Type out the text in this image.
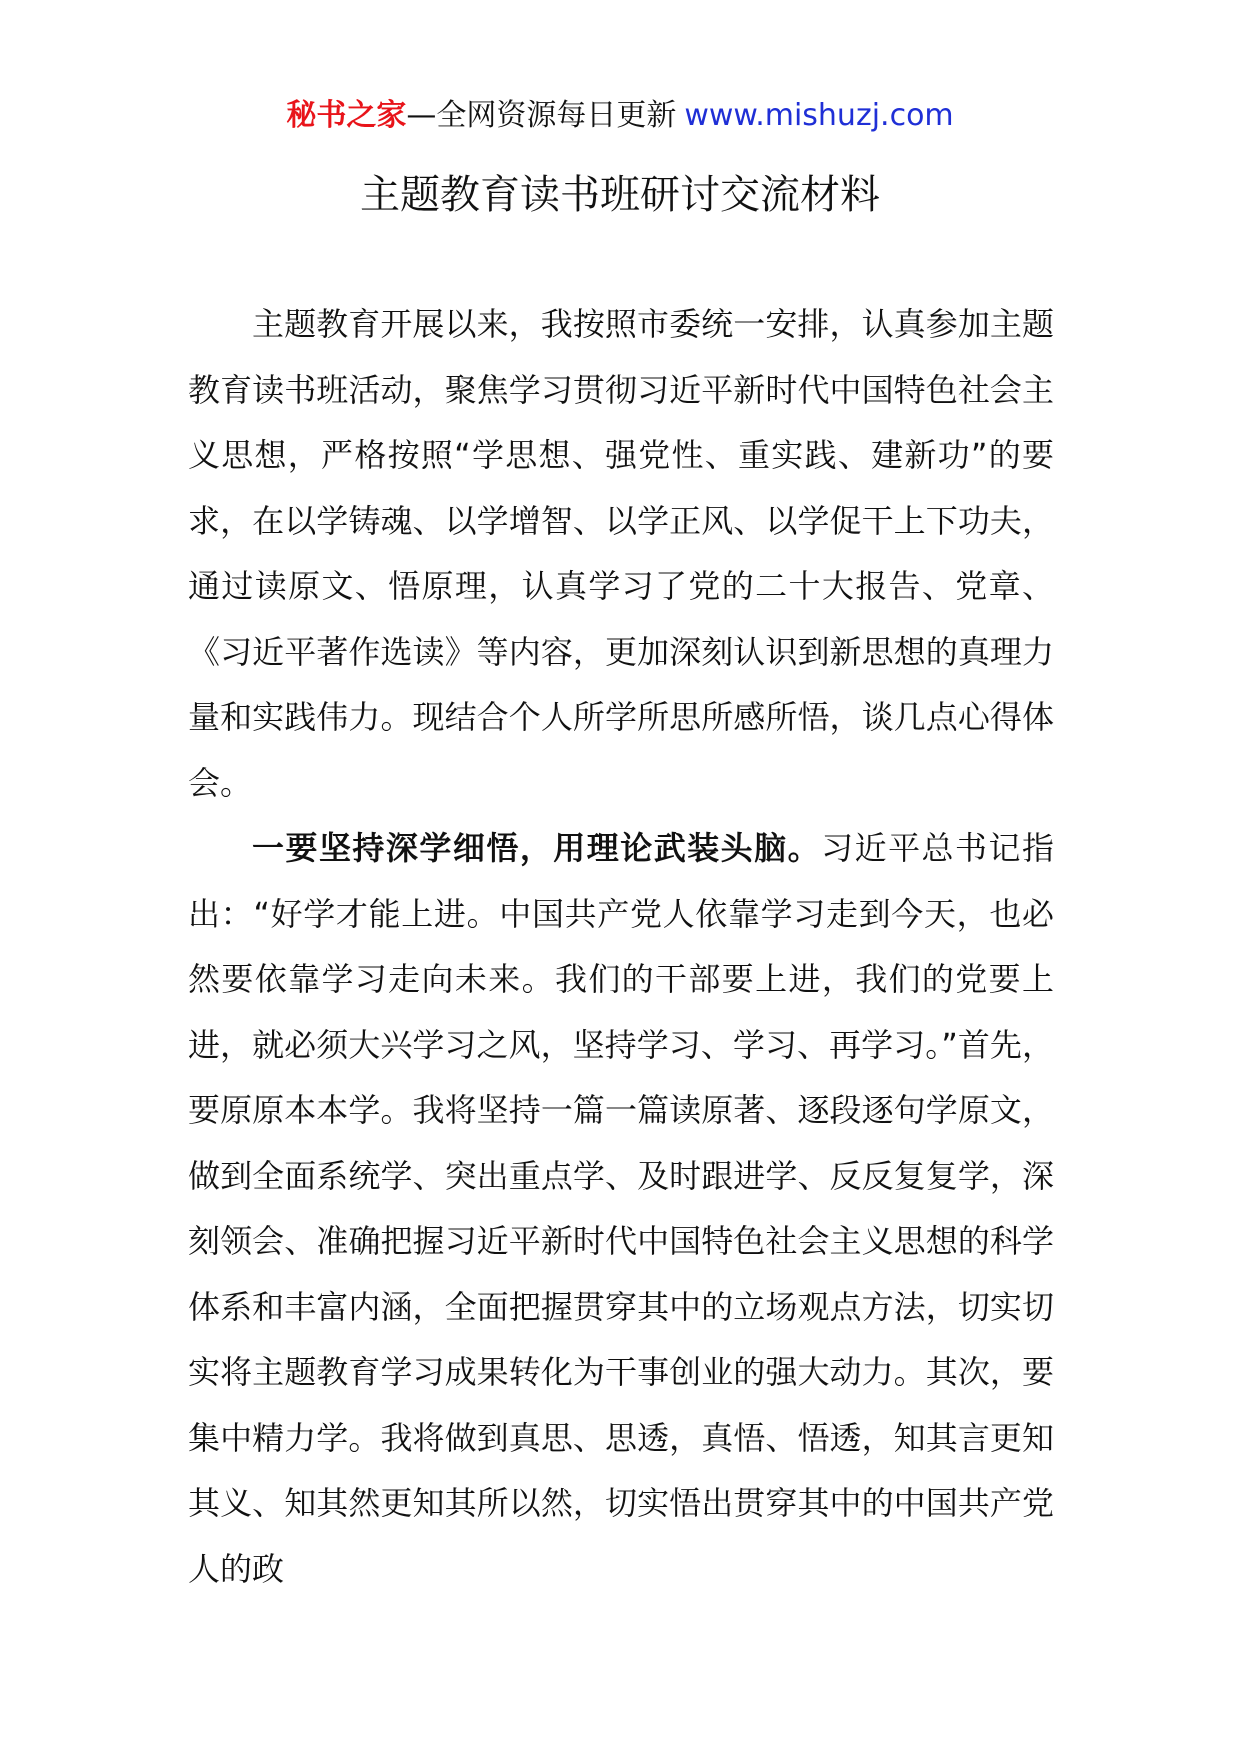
秘书之家—全网资源每日更新 www.mishuzj.com
主题教育读书班研讨交流材料

主题教育开展以来，我按照市委统一安排，认真参加主题教育读书班活动，聚焦学习贯彻习近平新时代中国特色社会主义思想，严格按照“学思想、强党性、重实践、建新功”的要求，在以学铸魂、以学增智、以学正风、以学促干上下功夫，通过读原文、悟原理，认真学习了党的二十大报告、党章、《习近平著作选读》等内容，更加深刻认识到新思想的真理力量和实践伟力。现结合个人所学所思所感所悟，谈几点心得体会。

一要坚持深学细悟，用理论武装头脑。习近平总书记指出：“好学才能上进。中国共产党人依靠学习走到今天，也必然要依靠学习走向未来。我们的干部要上进，我们的党要上进，就必须大兴学习之风，坚持学习、学习、再学习。”首先，要原原本本学。我将坚持一篇一篇读原著、逐段逐句学原文，做到全面系统学、突出重点学、及时跟进学、反反复复学，深刻领会、准确把握习近平新时代中国特色社会主义思想的科学体系和丰富内涵，全面把握贯穿其中的立场观点方法，切实切实将主题教育学习成果转化为干事创业的强大动力。其次，要集中精力学。我将做到真思、思透，真悟、悟透，知其言更知其义、知其然更知其所以然，切实悟出贯穿其中的中国共产党人的政
